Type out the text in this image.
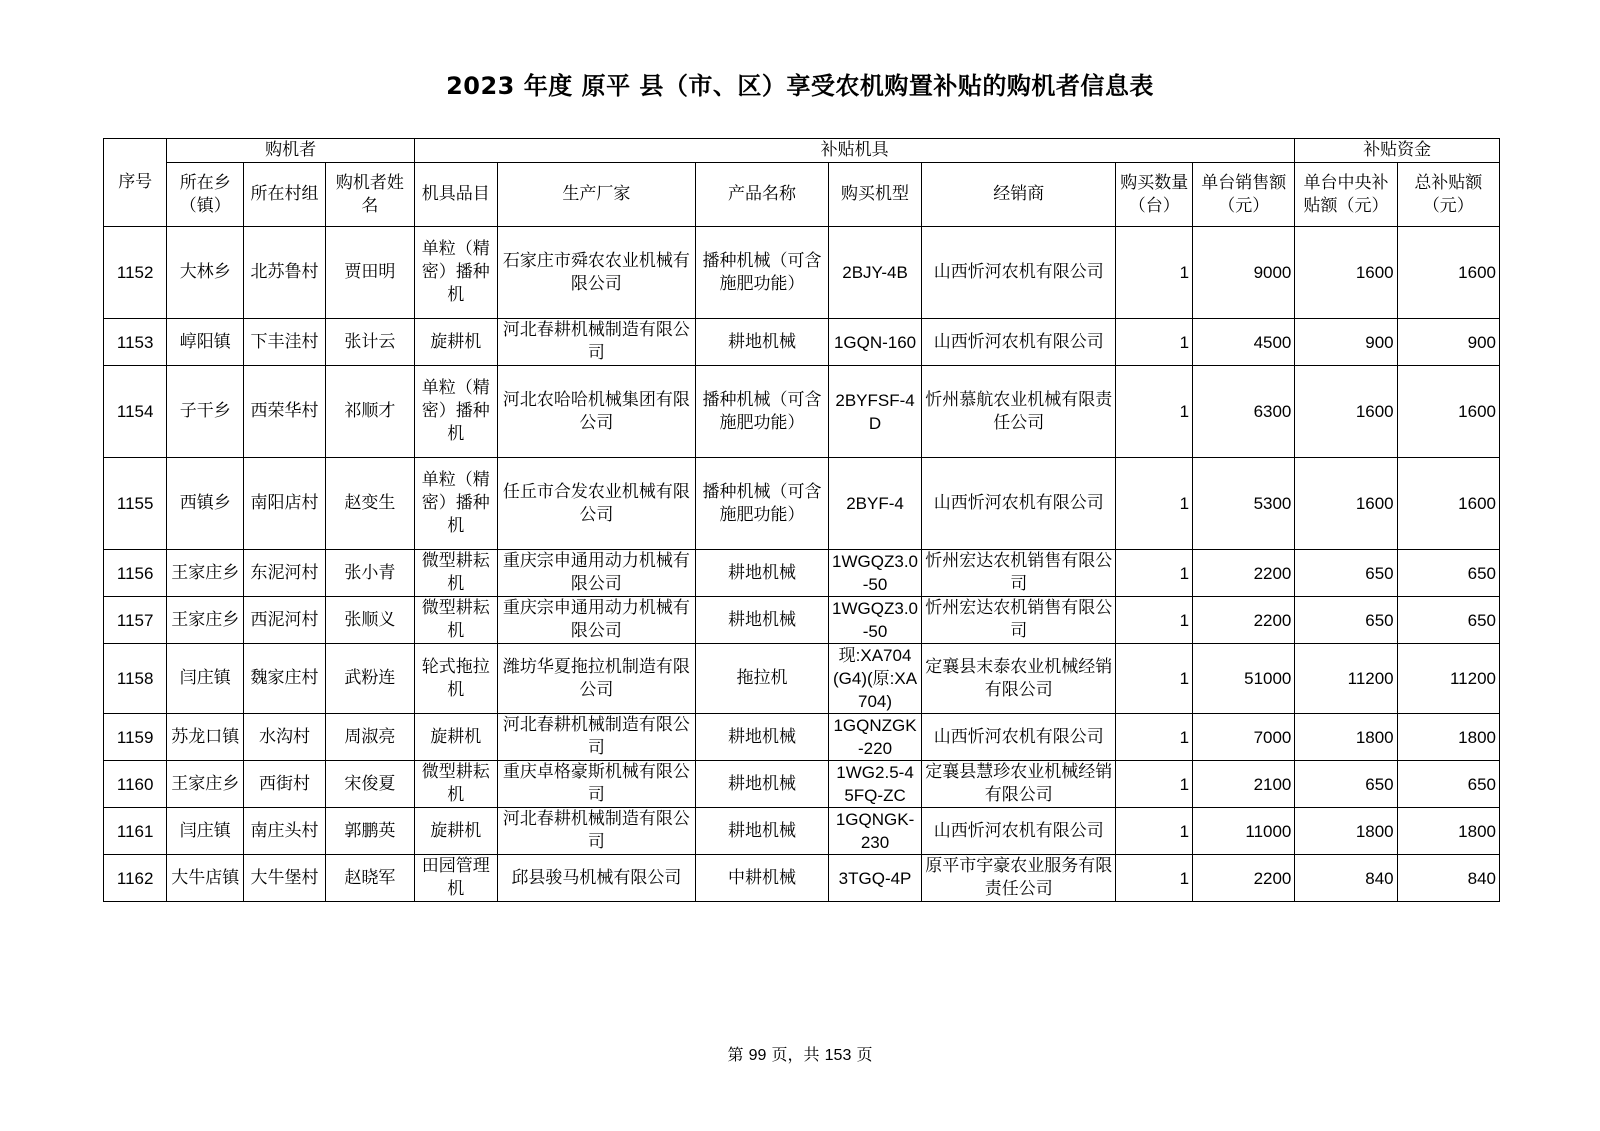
2023 年度 原平 县（市、区）享受农机购置补贴的购机者信息表
序号	购机者			补贴机具							补贴资金	
	所在乡（镇）	所在村组	购机者姓名	机具品目	生产厂家	产品名称	购买机型	经销商	购买数量（台）	单台销售额（元）	单台中央补贴额（元）	总补贴额（元）
1152	大林乡	北苏鲁村	贾田明	单粒（精密）播种机	石家庄市舜农农业机械有限公司	播种机械（可含施肥功能）	2BJY-4B	山西忻河农机有限公司	1	9000	1600	1600
1153	崞阳镇	下丰洼村	张计云	旋耕机	河北春耕机械制造有限公司	耕地机械	1GQN-160	山西忻河农机有限公司	1	4500	900	900
1154	子干乡	西荣华村	祁顺才	单粒（精密）播种机	河北农哈哈机械集团有限公司	播种机械（可含施肥功能）	2BYFSF-4D	忻州慕航农业机械有限责任公司	1	6300	1600	1600
1155	西镇乡	南阳店村	赵变生	单粒（精密）播种机	任丘市合发农业机械有限公司	播种机械（可含施肥功能）	2BYF-4	山西忻河农机有限公司	1	5300	1600	1600
1156	王家庄乡	东泥河村	张小青	微型耕耘机	重庆宗申通用动力机械有限公司	耕地机械	1WGQZ3.0-50	忻州宏达农机销售有限公司	1	2200	650	650
1157	王家庄乡	西泥河村	张顺义	微型耕耘机	重庆宗申通用动力机械有限公司	耕地机械	1WGQZ3.0-50	忻州宏达农机销售有限公司	1	2200	650	650
1158	闫庄镇	魏家庄村	武粉连	轮式拖拉机	潍坊华夏拖拉机制造有限公司	拖拉机	现:XA704(G4)(原:XA704)	定襄县末泰农业机械经销有限公司	1	51000	11200	11200
1159	苏龙口镇	水沟村	周淑亮	旋耕机	河北春耕机械制造有限公司	耕地机械	1GQNZGK-220	山西忻河农机有限公司	1	7000	1800	1800
1160	王家庄乡	西街村	宋俊夏	微型耕耘机	重庆卓格豪斯机械有限公司	耕地机械	1WG2.5-45FQ-ZC	定襄县慧珍农业机械经销有限公司	1	2100	650	650
1161	闫庄镇	南庄头村	郭鹏英	旋耕机	河北春耕机械制造有限公司	耕地机械	1GQNGK-230	山西忻河农机有限公司	1	11000	1800	1800
1162	大牛店镇	大牛堡村	赵晓军	田园管理机	邱县骏马机械有限公司	中耕机械	3TGQ-4P	原平市宇豪农业服务有限责任公司	1	2200	840	840
第 99 页，共 153 页
